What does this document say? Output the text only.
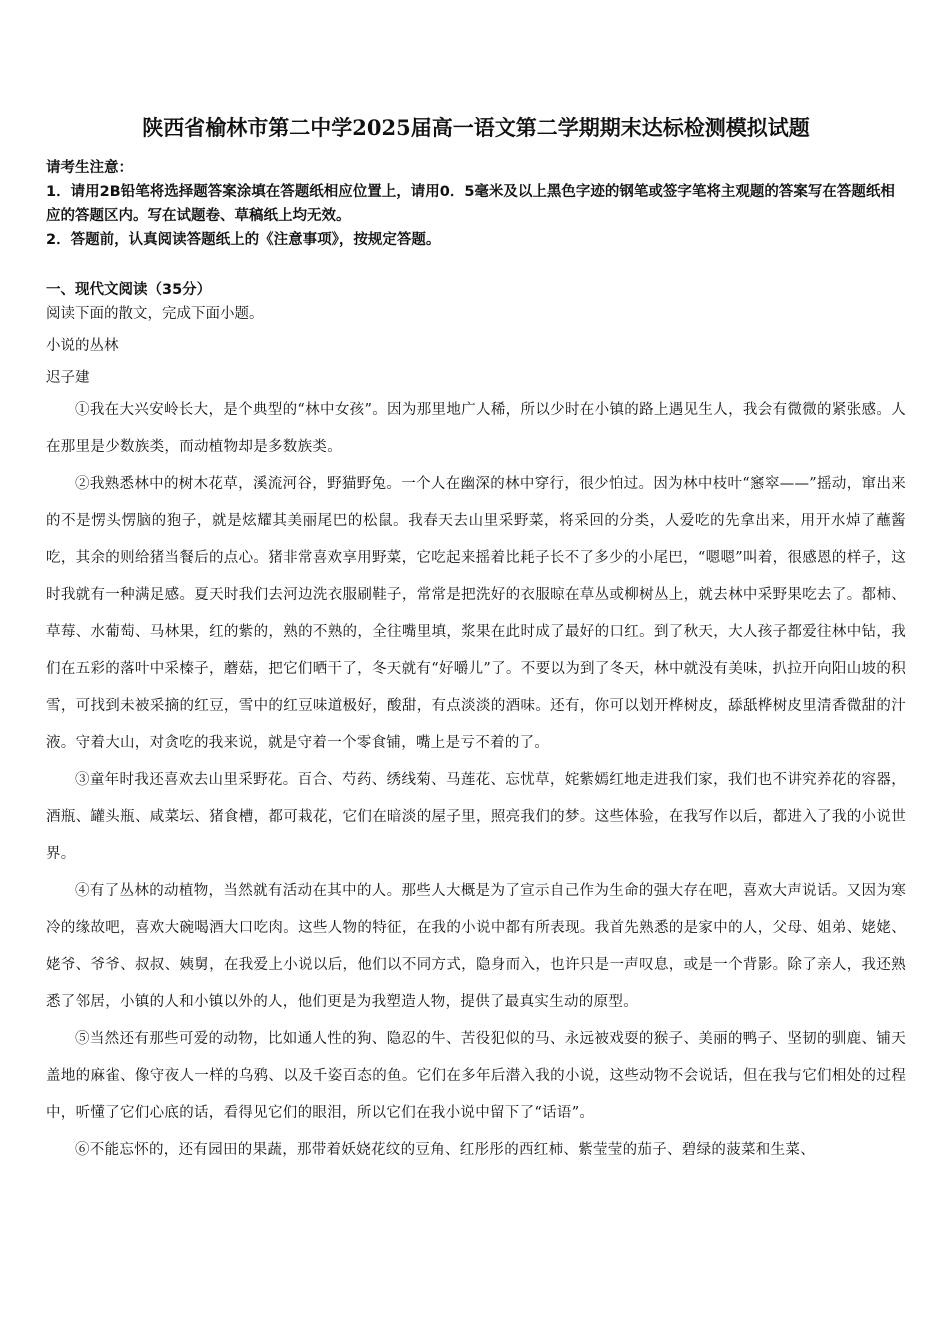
陕西省榆林市第二中学2025届高一语文第二学期期末达标检测模拟试题

请考生注意：

1．请用2B铅笔将选择题答案涂填在答题纸相应位置上，请用0．5毫米及以上黑色字迹的钢笔或签字笔将主观题的答案写在答题纸相应的答题区内。写在试题卷、草稿纸上均无效。

2．答题前，认真阅读答题纸上的《注意事项》，按规定答题。

一、现代文阅读（35分）

阅读下面的散文，完成下面小题。

小说的丛林

迟子建

①我在大兴安岭长大，是个典型的“林中女孩”。因为那里地广人稀，所以少时在小镇的路上遇见生人，我会有微微的紧张感。人在那里是少数族类，而动植物却是多数族类。

②我熟悉林中的树木花草，溪流河谷，野猫野兔。一个人在幽深的林中穿行，很少怕过。因为林中枝叶“窸窣——”摇动，窜出来的不是愣头愣脑的狍子，就是炫耀其美丽尾巴的松鼠。我春天去山里采野菜，将采回的分类，人爱吃的先拿出来，用开水焯了蘸酱吃，其余的则给猪当餐后的点心。猪非常喜欢享用野菜，它吃起来摇着比耗子长不了多少的小尾巴，“嗯嗯”叫着，很感恩的样子，这时我就有一种满足感。夏天时我们去河边洗衣服刷鞋子，常常是把洗好的衣服晾在草丛或柳树丛上，就去林中采野果吃去了。都柿、草莓、水葡萄、马林果，红的紫的，熟的不熟的，全往嘴里填，浆果在此时成了最好的口红。到了秋天，大人孩子都爱往林中钻，我们在五彩的落叶中采榛子，蘑菇，把它们晒干了，冬天就有“好嚼儿”了。不要以为到了冬天，林中就没有美味，扒拉开向阳山坡的积雪，可找到未被采摘的红豆，雪中的红豆味道极好，酸甜，有点淡淡的酒味。还有，你可以划开桦树皮，舔舐桦树皮里清香微甜的汁液。守着大山，对贪吃的我来说，就是守着一个零食铺，嘴上是亏不着的了。

③童年时我还喜欢去山里采野花。百合、芍药、绣线菊、马莲花、忘忧草，姹紫嫣红地走进我们家，我们也不讲究养花的容器，酒瓶、罐头瓶、咸菜坛、猪食槽，都可栽花，它们在暗淡的屋子里，照亮我们的梦。这些体验，在我写作以后，都进入了我的小说世界。

④有了丛林的动植物，当然就有活动在其中的人。那些人大概是为了宣示自己作为生命的强大存在吧，喜欢大声说话。又因为寒冷的缘故吧，喜欢大碗喝酒大口吃肉。这些人物的特征，在我的小说中都有所表现。我首先熟悉的是家中的人，父母、姐弟、姥姥、姥爷、爷爷、叔叔、姨舅，在我爱上小说以后，他们以不同方式，隐身而入，也许只是一声叹息，或是一个背影。除了亲人，我还熟悉了邻居，小镇的人和小镇以外的人，他们更是为我塑造人物，提供了最真实生动的原型。

⑤当然还有那些可爱的动物，比如通人性的狗、隐忍的牛、苦役犯似的马、永远被戏耍的猴子、美丽的鸭子、坚韧的驯鹿、铺天盖地的麻雀、像守夜人一样的乌鸦、以及千姿百态的鱼。它们在多年后潜入我的小说，这些动物不会说话，但在我与它们相处的过程中，听懂了它们心底的话，看得见它们的眼泪，所以它们在我小说中留下了“话语”。

⑥不能忘怀的，还有园田的果蔬，那带着妖娆花纹的豆角、红彤彤的西红柿、紫莹莹的茄子、碧绿的菠菜和生菜、
